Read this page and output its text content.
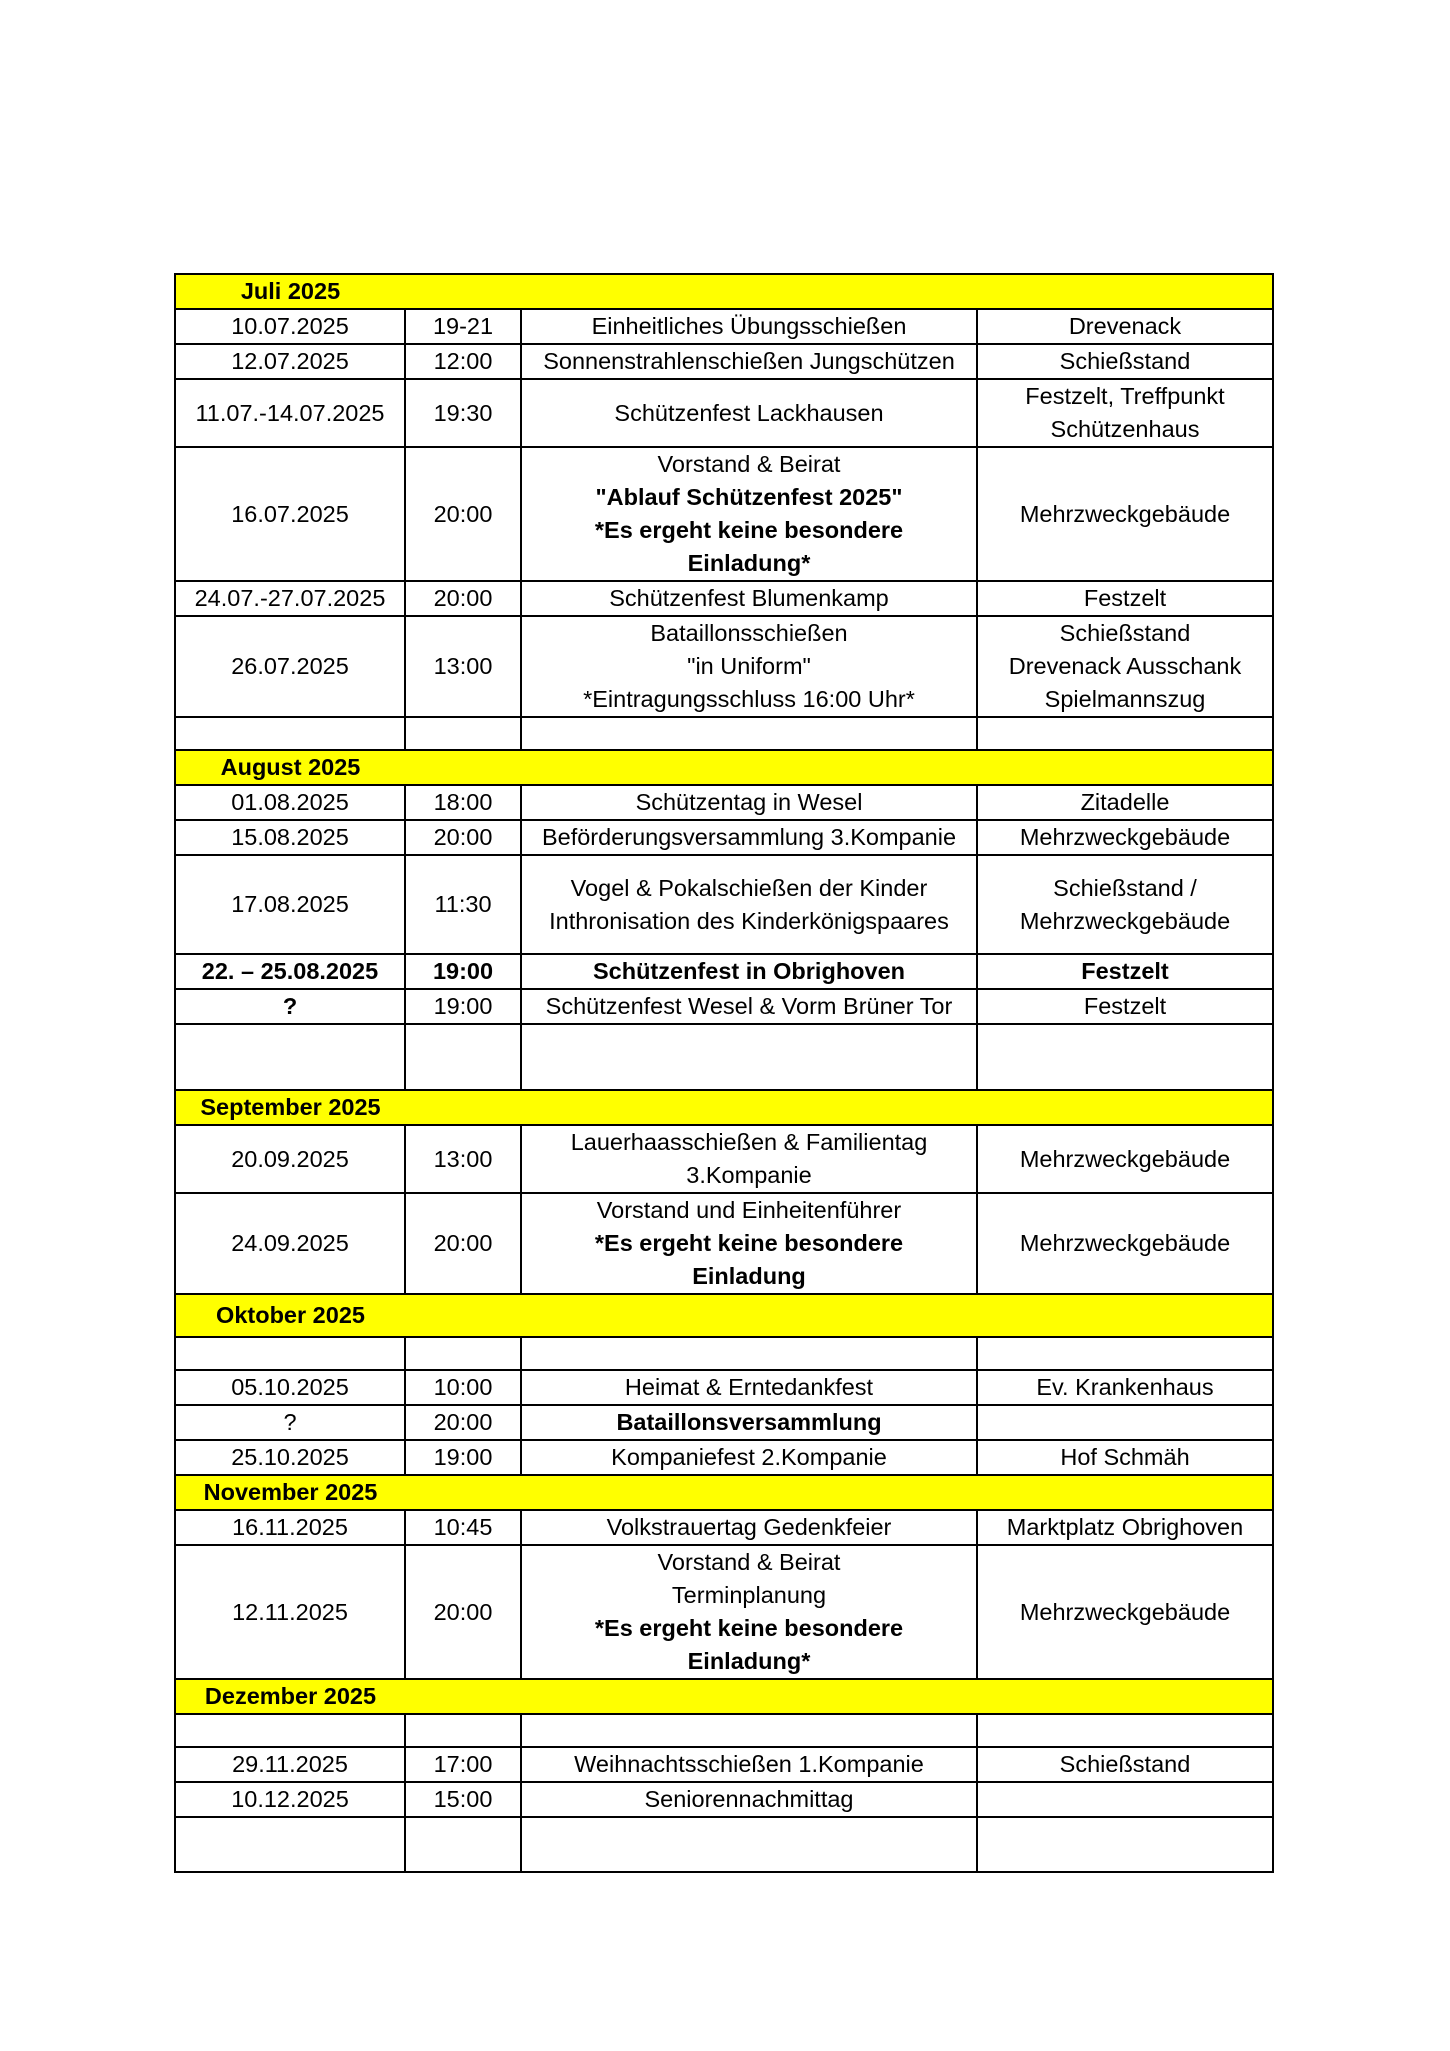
Juli 2025			

10.07.2025	19-21	Einheitliches Übungsschießen	Drevenack

12.07.2025	12:00	Sonnenstrahlenschießen Jungschützen	Schießstand

11.07.-14.07.2025	19:30	Schützenfest Lackhausen	Festzelt, Treffpunkt
Schützenhaus

16.07.2025	20:00	Vorstand & Beirat
"Ablauf Schützenfest 2025"
*Es ergeht keine besondere
Einladung*	Mehrzweckgebäude

24.07.-27.07.2025	20:00	Schützenfest Blumenkamp	Festzelt

26.07.2025	13:00	Bataillonsschießen
"in Uniform"
*Eintragungsschluss 16:00 Uhr*	Schießstand
Drevenack Ausschank
Spielmannszug

August 2025			

01.08.2025	18:00	Schützentag in Wesel	Zitadelle

15.08.2025	20:00	Beförderungsversammlung 3.Kompanie	Mehrzweckgebäude

17.08.2025	11:30	Vogel & Pokalschießen der Kinder
Inthronisation des Kinderkönigspaares	Schießstand /
Mehrzweckgebäude

22. – 25.08.2025	19:00	Schützenfest in Obrighoven	Festzelt

?	19:00	Schützenfest Wesel & Vorm Brüner Tor	Festzelt

September 2025			

20.09.2025	13:00	Lauerhaasschießen & Familientag
3.Kompanie	Mehrzweckgebäude

24.09.2025	20:00	Vorstand und Einheitenführer
*Es ergeht keine besondere
Einladung	Mehrzweckgebäude

Oktober 2025			

05.10.2025	10:00	Heimat & Erntedankfest	Ev. Krankenhaus

?	20:00	Bataillonsversammlung	

25.10.2025	19:00	Kompaniefest 2.Kompanie	Hof Schmäh

November 2025			

16.11.2025	10:45	Volkstrauertag Gedenkfeier	Marktplatz Obrighoven

12.11.2025	20:00	Vorstand & Beirat
Terminplanung
*Es ergeht keine besondere
Einladung*	Mehrzweckgebäude

Dezember 2025			

29.11.2025	17:00	Weihnachtsschießen 1.Kompanie	Schießstand

10.12.2025	15:00	Seniorennachmittag	
